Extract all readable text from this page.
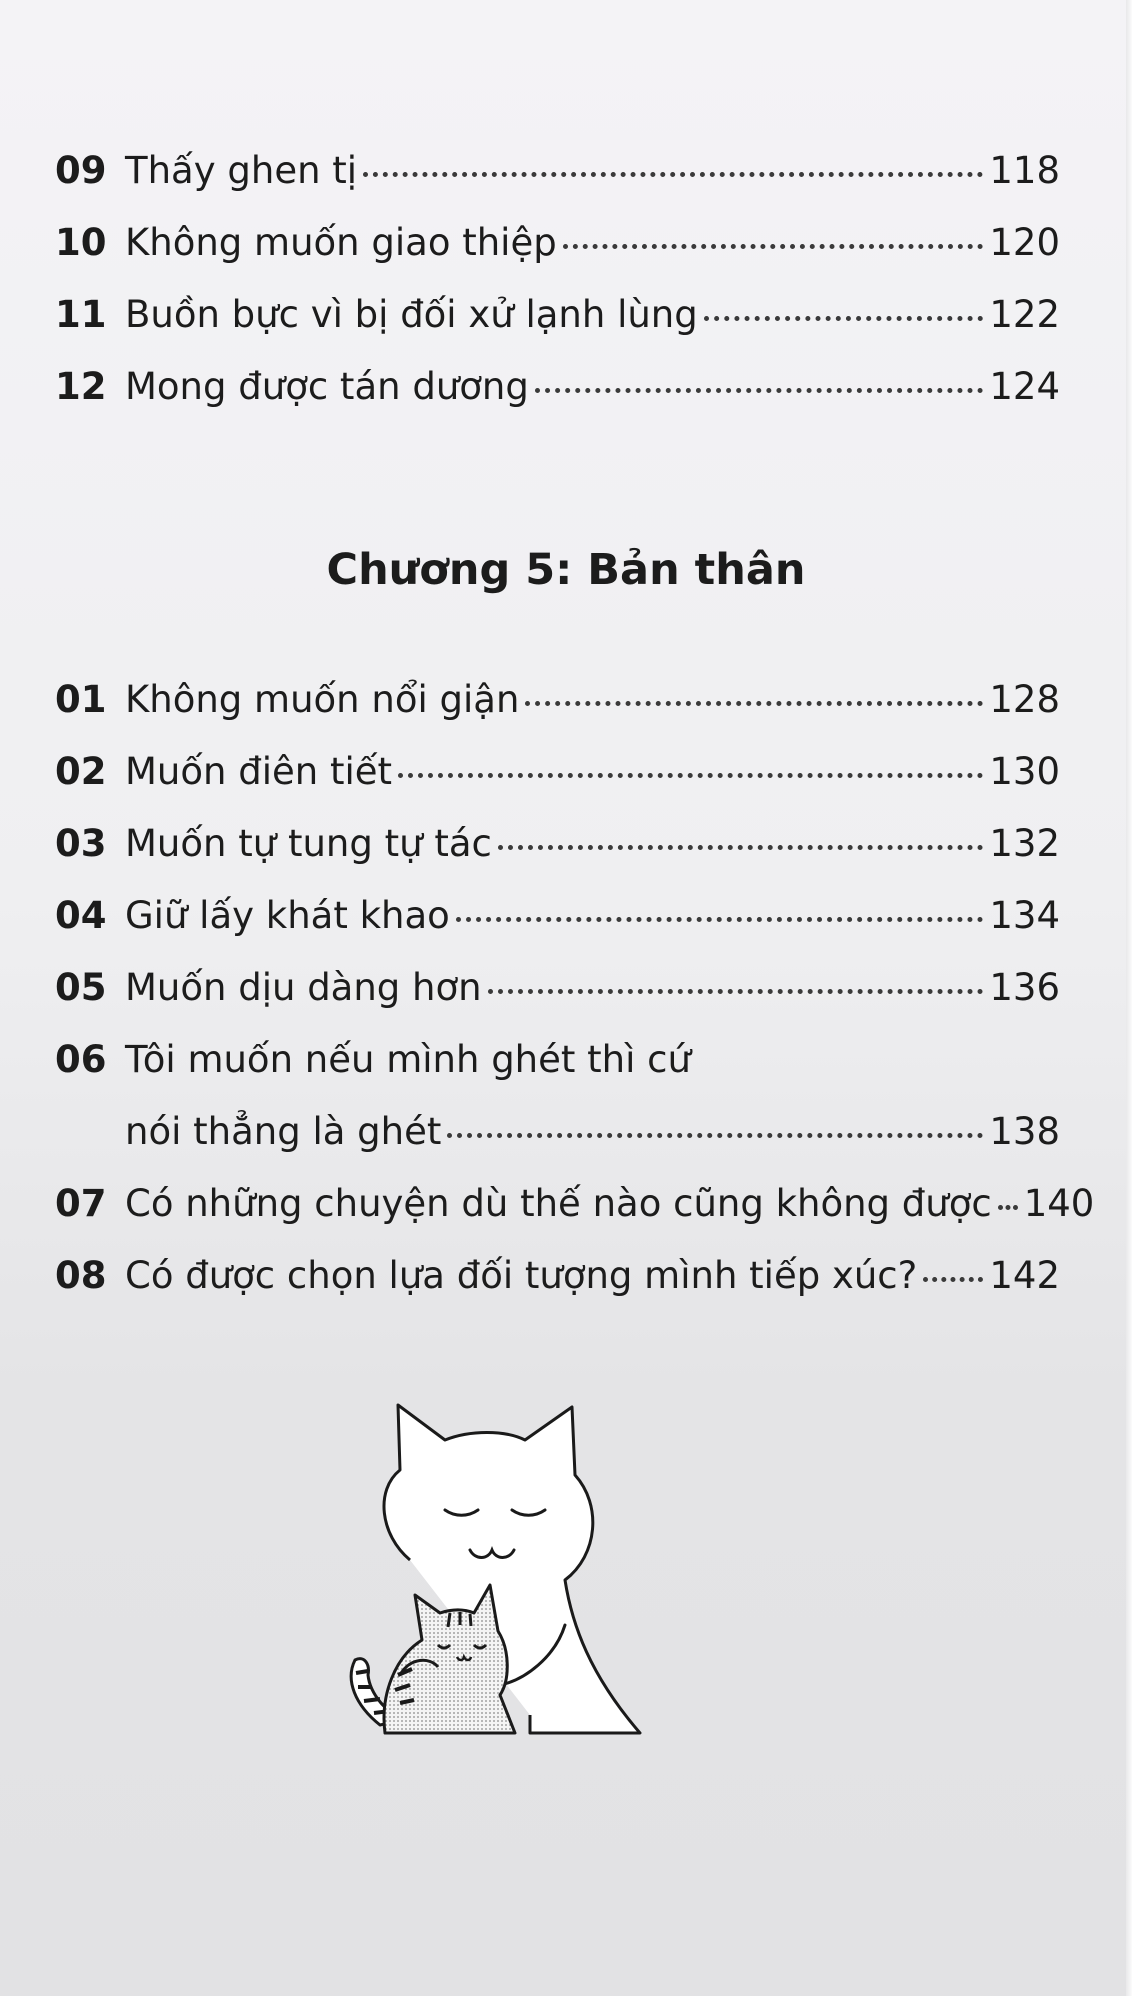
09 Thấy ghen tị	118
10 Không muốn giao thiệp	120
11 Buồn bực vì bị đối xử lạnh lùng	122
12 Mong được tán dương	124
Chương 5: Bản thân
01 Không muốn nổi giận	128
02 Muốn điên tiết	130
03 Muốn tự tung tự tác	132
04 Giữ lấy khát khao	134
05 Muốn dịu dàng hơn	136
06 Tôi muốn nếu mình ghét thì cứ
nói thẳng là ghét	138
07 Có những chuyện dù thế nào cũng không được 140
08 Có được chọn lựa đối tượng mình tiếp xúc? 142
